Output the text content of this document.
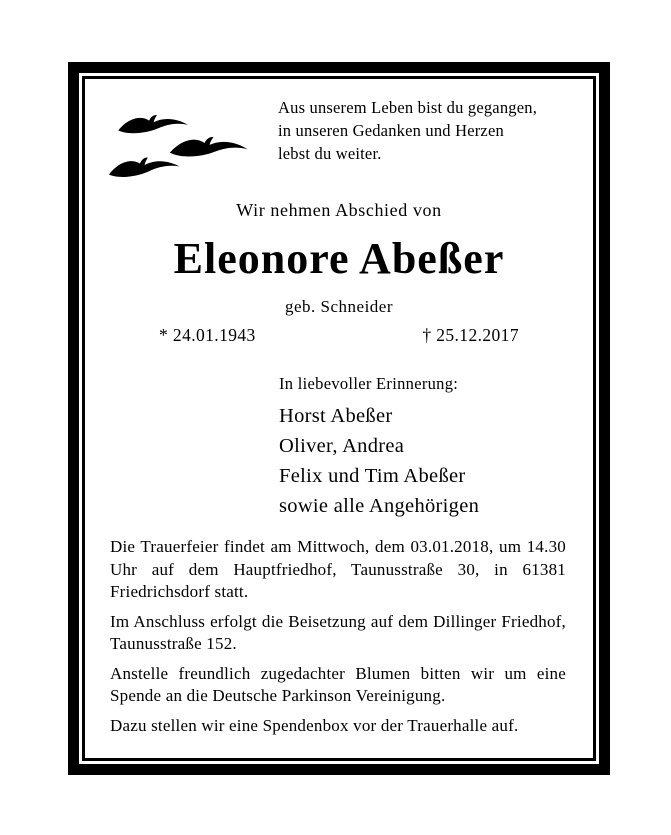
Aus unserem Leben bist du gegangen,
in unseren Gedanken und Herzen
lebst du weiter.
Wir nehmen Abschied von
Eleonore Abeßer
geb. Schneider
* 24.01.1943	† 25.12.2017
In liebevoller Erinnerung:
Horst Abeßer
Oliver, Andrea
Felix und Tim Abeßer
sowie alle Angehörigen

Die Trauerfeier findet am Mittwoch, dem 03.01.2018, um 14.30 Uhr auf dem Hauptfriedhof, Taunusstraße 30, in 61381 Friedrichsdorf statt.

Im Anschluss erfolgt die Beisetzung auf dem Dillinger Friedhof, Taunusstraße 152.

Anstelle freundlich zugedachter Blumen bitten wir um eine Spende an die Deutsche Parkinson Vereinigung.

Dazu stellen wir eine Spendenbox vor der Trauerhalle auf.
